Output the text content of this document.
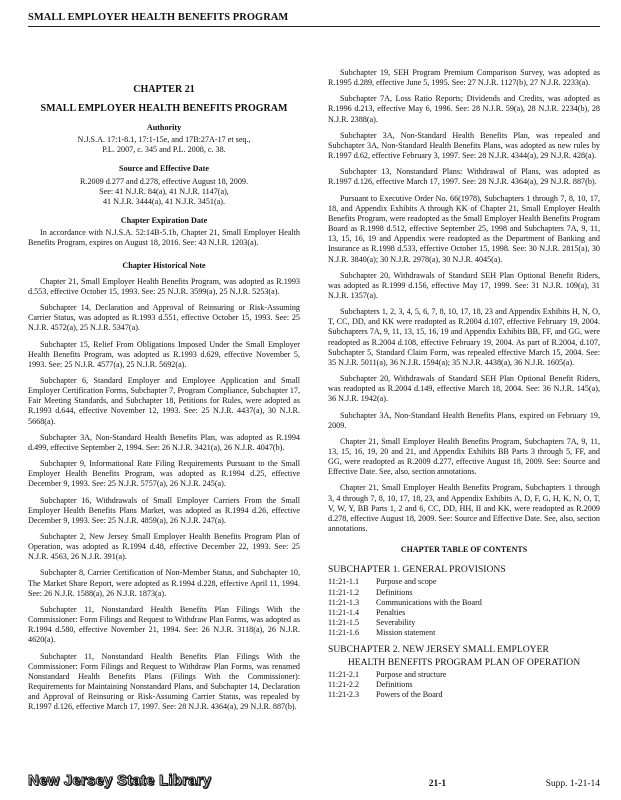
SMALL EMPLOYER HEALTH BENEFITS PROGRAM
CHAPTER 21
SMALL EMPLOYER HEALTH BENEFITS PROGRAM
Authority

N.J.S.A. 17:1-8.1, 17:1-15e, and 17B:27A-17 et seq.,

P.L. 2007, c. 345 and P.L. 2008, c. 38.

Source and Effective Date

R.2009 d.277 and d.278, effective August 18, 2009.

See: 41 N.J.R. 84(a), 41 N.J.R. 1147(a),

41 N.J.R. 3444(a), 41 N.J.R. 3451(a).

Chapter Expiration Date

In accordance with N.J.S.A. 52:14B-5.1b, Chapter 21, Small Employer Health Benefits Program, expires on August 18, 2016. See: 43 N.J.R. 1203(a).

Chapter Historical Note

Chapter 21, Small Employer Health Benefits Program, was adopted as R.1993 d.553, effective October 15, 1993. See: 25 N.J.R. 3599(a), 25 N.J.R. 5253(a).

Subchapter 14, Declaration and Approval of Reinsuring or Risk-Assuming Carrier Status, was adopted as R.1993 d.551, effective October 15, 1993. See: 25 N.J.R. 4572(a), 25 N.J.R. 5347(a).

Subchapter 15, Relief From Obligations Imposed Under the Small Employer Health Benefits Program, was adopted as R.1993 d.629, effective November 5, 1993. See: 25 N.J.R. 4577(a), 25 N.J.R. 5692(a).

Subchapter 6, Standard Employer and Employee Application and Small Employer Certification Forms, Subchapter 7, Program Compliance, Subchapter 17, Fair Meeting Standards, and Subchapter 18, Petitions for Rules, were adopted as R.1993 d.644, effective November 12, 1993. See: 25 N.J.R. 4437(a), 30 N.J.R. 5668(a).

Subchapter 3A, Non-Standard Health Benefits Plan, was adopted as R.1994 d.499, effective September 2, 1994. See: 26 N.J.R. 3421(a), 26 N.J.R. 4047(b).

Subchapter 9, Informational Rate Filing Requirements Pursuant to the Small Employer Health Benefits Program, was adopted as R.1994 d.25, effective December 9, 1993. See: 25 N.J.R. 5757(a), 26 N.J.R. 245(a).

Subchapter 16, Withdrawals of Small Employer Carriers From the Small Employer Health Benefits Plans Market, was adopted as R.1994 d.26, effective December 9, 1993. See: 25 N.J.R. 4859(a), 26 N.J.R. 247(a).

Subchapter 2, New Jersey Small Employer Health Benefits Program Plan of Operation, was adopted as R.1994 d.48, effective December 22, 1993. See: 25 N.J.R. 4563, 26 N.J.R. 391(a).

Subchapter 8, Carrier Certification of Non-Member Status, and Subchapter 10, The Market Share Report, were adopted as R.1994 d.228, effective April 11, 1994. See: 26 N.J.R. 1588(a), 26 N.J.R. 1873(a).

Subchapter 11, Nonstandard Health Benefits Plan Filings With the Commissioner: Form Filings and Request to Withdraw Plan Forms, was adopted as R.1994 d.580, effective November 21, 1994. See: 26 N.J.R. 3118(a), 26 N.J.R. 4620(a).

Subchapter 11, Nonstandard Health Benefits Plan Filings With the Commissioner: Form Filings and Request to Withdraw Plan Forms, was renamed Nonstandard Health Benefits Plans (Filings With the Commissioner): Requirements for Maintaining Nonstandard Plans, and Subchapter 14, Declaration and Approval of Reinsuring or Risk-Assuming Carrier Status, was repealed by R.1997 d.126, effective March 17, 1997. See: 28 N.J.R. 4364(a), 29 N.J.R. 887(b).

Subchapter 19, SEH Program Premium Comparison Survey, was adopted as R.1995 d.289, effective June 5, 1995. See: 27 N.J.R. 1127(b), 27 N.J.R. 2233(a).

Subchapter 7A, Loss Ratio Reports; Dividends and Credits, was adopted as R.1996 d.213, effective May 6, 1996. See: 28 N.J.R. 59(a), 28 N.J.R. 2234(b), 28 N.J.R. 2388(a).

Subchapter 3A, Non-Standard Health Benefits Plan, was repealed and Subchapter 3A, Non-Standard Health Benefits Plans, was adopted as new rules by R.1997 d.62, effective February 3, 1997. See: 28 N.J.R. 4344(a), 29 N.J.R. 428(a).

Subchapter 13, Nonstandard Plans: Withdrawal of Plans, was adopted as R.1997 d.126, effective March 17, 1997. See: 28 N.J.R. 4364(a), 29 N.J.R. 887(b).

Pursuant to Executive Order No. 66(1978), Subchapters 1 through 7, 8, 10, 17, 18, and Appendix Exhibits A through KK of Chapter 21, Small Employer Health Benefits Program, were readopted as the Small Employer Health Benefits Program Board as R.1998 d.512, effective September 25, 1998 and Subchapters 7A, 9, 11, 13, 15, 16, 19 and Appendix were readopted as the Department of Banking and Insurance as R.1998 d.533, effective October 15, 1998. See: 30 N.J.R. 2815(a), 30 N.J.R. 3840(a); 30 N.J.R. 2978(a), 30 N.J.R. 4045(a).

Subchapter 20, Withdrawals of Standard SEH Plan Optional Benefit Riders, was adopted as R.1999 d.156, effective May 17, 1999. See: 31 N.J.R. 109(a), 31 N.J.R. 1357(a).

Subchapters 1, 2, 3, 4, 5, 6, 7, 8, 10, 17, 18, 23 and Appendix Exhibits H, N, O, T, CC, DD, and KK were readopted as R.2004 d.107, effective February 19, 2004. Subchapters 7A, 9, 11, 13, 15, 16, 19 and Appendix Exhibits BB, FF, and GG, were readopted as R.2004 d.108, effective February 19, 2004. As part of R.2004, d.107, Subchapter 5, Standard Claim Form, was repealed effective March 15, 2004. See: 35 N.J.R. 5011(a), 36 N.J.R. 1594(a); 35 N.J.R. 4438(a), 36 N.J.R. 1605(a).

Subchapter 20, Withdrawals of Standard SEH Plan Optional Benefit Riders, was readopted as R.2004 d.149, effective March 18, 2004. See: 36 N.J.R. 145(a), 36 N.J.R. 1942(a).

Subchapter 3A, Non-Standard Health Benefits Plans, expired on February 19, 2009.

Chapter 21, Small Employer Health Benefits Program, Subchapters 7A, 9, 11, 13, 15, 16, 19, 20 and 21, and Appendix Exhibits BB Parts 3 through 5, FF, and GG, were readopted as R.2009 d.277, effective August 18, 2009. See: Source and Effective Date. See, also, section annotations.

Chapter 21, Small Employer Health Benefits Program, Subchapters 1 through 3, 4 through 7, 8, 10, 17, 18, 23, and Appendix Exhibits A, D, F, G, H, K, N, O, T, V, W, Y, BB Parts 1, 2 and 6, CC, DD, HH, II and KK, were readopted as R.2009 d.278, effective August 18, 2009. See: Source and Effective Date. See, also, section annotations.

CHAPTER TABLE OF CONTENTS
SUBCHAPTER 1. GENERAL PROVISIONS
11:21-1.1	Purpose and scope
11:21-1.2	Definitions
11:21-1.3	Communications with the Board
11:21-1.4	Penalties
11:21-1.5	Severability
11:21-1.6	Mission statement
SUBCHAPTER 2. NEW JERSEY SMALL EMPLOYER
HEALTH BENEFITS PROGRAM PLAN OF OPERATION
11:21-2.1	Purpose and structure
11:21-2.2	Definitions
11:21-2.3	Powers of the Board
New Jersey State Library	21-1	Supp. 1-21-14
